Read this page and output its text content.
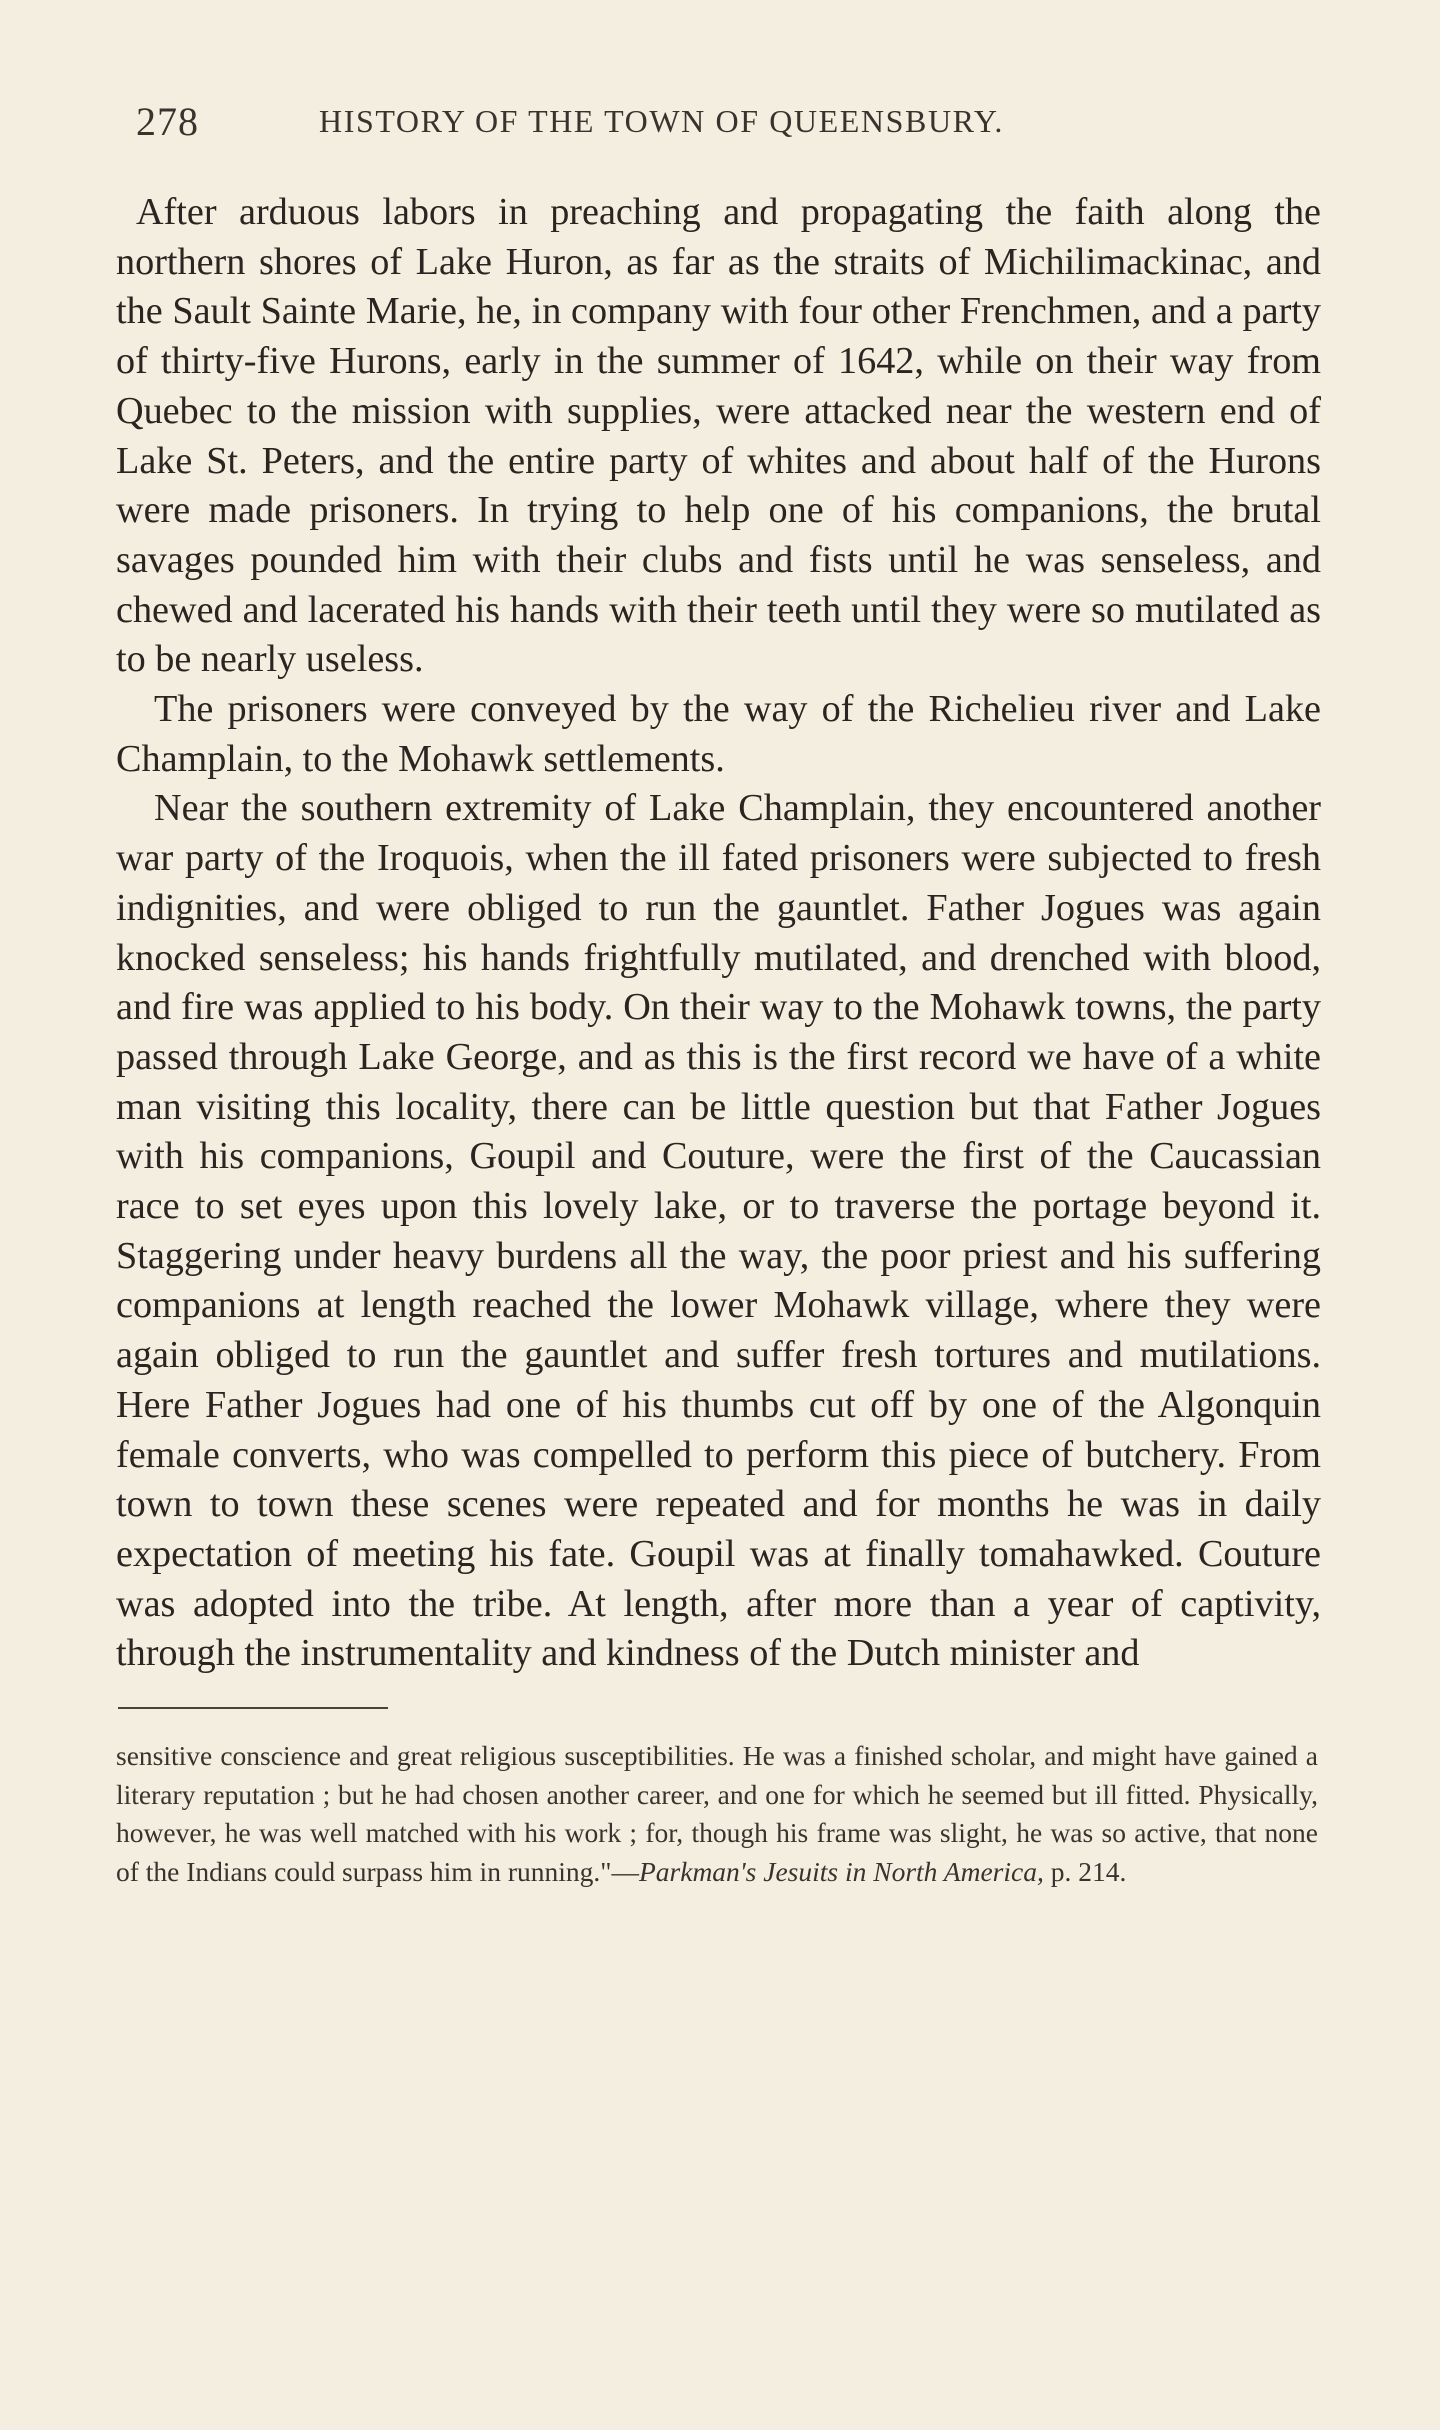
278	HISTORY OF THE TOWN OF QUEENSBURY.

After arduous labors in preaching and propagating the faith along the northern shores of Lake Huron, as far as the straits of Michilimackinac, and the Sault Sainte Marie, he, in company with four other Frenchmen, and a party of thirty-five Hurons, early in the summer of 1642, while on their way from Quebec to the mission with supplies, were attacked near the western end of Lake St. Peters, and the entire party of whites and about half of the Hurons were made prisoners. In trying to help one of his companions, the brutal savages pounded him with their clubs and fists until he was senseless, and chewed and lacerated his hands with their teeth until they were so mutilated as to be nearly useless.

The prisoners were conveyed by the way of the Richelieu river and Lake Champlain, to the Mohawk settlements.

Near the southern extremity of Lake Champlain, they encountered another war party of the Iroquois, when the ill fated prisoners were subjected to fresh indignities, and were obliged to run the gauntlet. Father Jogues was again knocked senseless; his hands frightfully mutilated, and drenched with blood, and fire was applied to his body. On their way to the Mohawk towns, the party passed through Lake George, and as this is the first record we have of a white man visiting this locality, there can be little question but that Father Jogues with his companions, Goupil and Couture, were the first of the Caucassian race to set eyes upon this lovely lake, or to traverse the portage beyond it. Staggering under heavy burdens all the way, the poor priest and his suffering companions at length reached the lower Mohawk village, where they were again obliged to run the gauntlet and suffer fresh tortures and mutilations. Here Father Jogues had one of his thumbs cut off by one of the Algonquin female converts, who was compelled to perform this piece of butchery. From town to town these scenes were repeated and for months he was in daily expectation of meeting his fate. Goupil was at finally tomahawked. Couture was adopted into the tribe. At length, after more than a year of captivity, through the instrumentality and kindness of the Dutch minister and

sensitive conscience and great religious susceptibilities. He was a finished scholar, and might have gained a literary reputation ; but he had chosen another career, and one for which he seemed but ill fitted. Physically, however, he was well matched with his work ; for, though his frame was slight, he was so active, that none of the Indians could surpass him in running."—Parkman's Jesuits in North America, p. 214.
